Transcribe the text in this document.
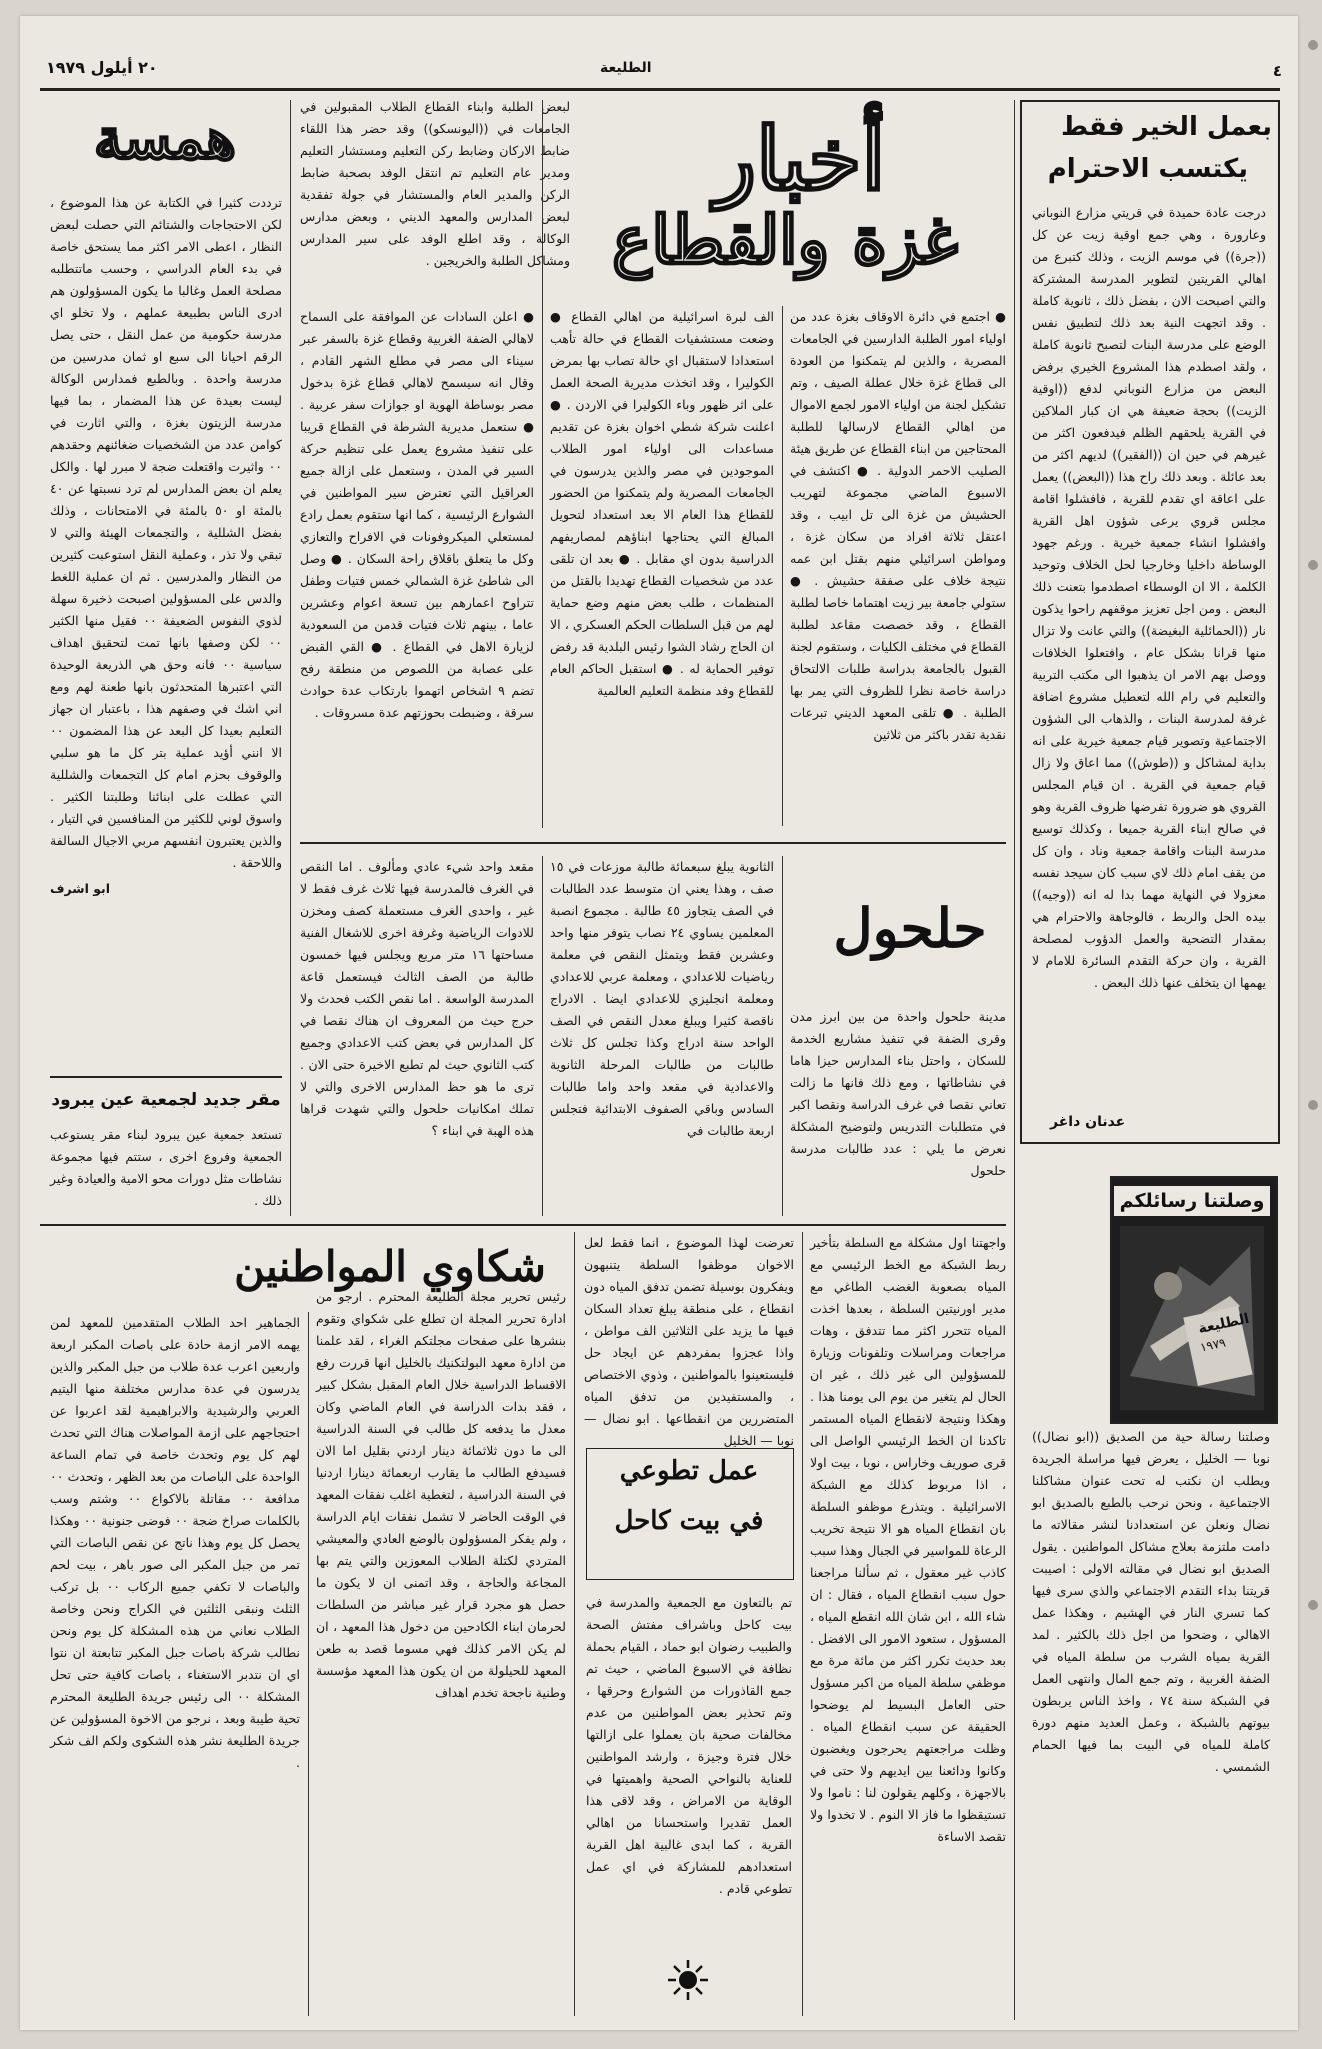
٤
الطليعة
٢٠ أيلول ١٩٧٩
بعمل الخير فقط
يكتسب الاحترام

درجت عادة حميدة في قريتي مزارع النوباني وعارورة ، وهي جمع اوقية زيت عن كل ((جرة)) في موسم الزيت ، وذلك كتبرع من اهالي القريتين لتطوير المدرسة المشتركة والتي اصبحت الان ، بفضل ذلك ، ثانوية كاملة . وقد اتجهت النية بعد ذلك لتطبيق نفس الوضع على مدرسة البنات لتصبح ثانوية كاملة ، ولقد اصطدم هذا المشروع الخيري برفض البعض من مزارع النوباني لدفع ((اوقية الزيت)) بحجة ضعيفة هي ان كبار الملاكين في القرية يلحقهم الظلم فيدفعون اكثر من غيرهم في حين ان ((الفقير)) لديهم اكثر من بعد عائلة . وبعد ذلك راح هذا ((البعض)) يعمل على اعاقة اي تقدم للقرية ، فافشلوا اقامة مجلس قروي يرعى شؤون اهل القرية وافشلوا انشاء جمعية خيرية . ورغم جهود الوساطة داخليا وخارجيا لحل الخلاف وتوحيد الكلمة ، الا ان الوسطاء اصطدموا بتعنت ذلك البعض . ومن اجل تعزيز موقفهم راحوا يذكون نار ((الحمائلية البغيضة)) والتي عانت ولا تزال منها قرانا بشكل عام ، وافتعلوا الخلافات ووصل بهم الامر ان يذهبوا الى مكتب التربية والتعليم في رام الله لتعطيل مشروع اضافة غرفة لمدرسة البنات ، والذهاب الى الشؤون الاجتماعية وتصوير قيام جمعية خيرية على انه بداية لمشاكل و ((طوش)) مما اعاق ولا زال قيام جمعية في القرية . ان قيام المجلس القروي هو ضرورة تفرضها ظروف القرية وهو في صالح ابناء القرية جميعا ، وكذلك توسيع مدرسة البنات واقامة جمعية وناد ، وان كل من يقف امام ذلك لاي سبب كان سيجد نفسه معزولا في النهاية مهما بدا له انه ((وجيه)) بيده الحل والربط ، فالوجاهة والاحترام هي بمقدار التضحية والعمل الدؤوب لمصلحة القرية ، وان حركة التقدم السائرة للامام لا يهمها ان يتخلف عنها ذلك البعض .

عدنان داغر
وصلتنا رسائلكم
الطليعة
١٩٧٩

وصلتنا رسالة حية من الصديق ((ابو نضال)) نوبا — الخليل ، يعرض فيها مراسلة الجريدة ويطلب ان نكتب له تحت عنوان مشاكلنا الاجتماعية ، ونحن نرحب بالطبع بالصديق ابو نضال ونعلن عن استعدادنا لنشر مقالاته ما دامت ملتزمة بعلاج مشاكل المواطنين . يقول الصديق ابو نضال في مقالته الاولى : اصيبت قريتنا بداء التقدم الاجتماعي والذي سرى فيها كما تسري النار في الهشيم ، وهكذا عمل الاهالي ، وضحوا من اجل ذلك بالكثير . لمد القرية بمياه الشرب من سلطة المياه في الضفة الغربية ، وتم جمع المال وانتهى العمل في الشبكة سنة ٧٤ ، واخذ الناس يربطون بيوتهم بالشبكة ، وعمل العديد منهم دورة كاملة للمياه في البيت بما فيها الحمام الشمسي .

أخبار
غزة والقطاع

لبعض الطلبة وابناء القطاع الطلاب المقبولين في الجامعات في ((اليونسكو)) وقد حضر هذا اللقاء ضابط الاركان وضابط ركن التعليم ومستشار التعليم ومدير عام التعليم تم انتقل الوفد بصحبة ضابط الركن والمدير العام والمستشار في جولة تفقدية لبعض المدارس والمعهد الديني ، وبعض مدارس الوكالة ، وقد اطلع الوفد على سير المدارس ومشاكل الطلبة والخريجين .

● اجتمع في دائرة الاوقاف بغزة عدد من اولياء امور الطلبة الدارسين في الجامعات المصرية ، والذين لم يتمكنوا من العودة الى قطاع غزة خلال عطلة الصيف ، وتم تشكيل لجنة من اولياء الامور لجمع الاموال من اهالي القطاع لارسالها للطلبة المحتاجين من ابناء القطاع عن طريق هيئة الصليب الاحمر الدولية . ● اكتشف في الاسبوع الماضي مجموعة لتهريب الحشيش من غزة الى تل ابيب ، وقد اعتقل ثلاثة افراد من سكان غزة ، ومواطن اسرائيلي منهم بقتل ابن عمه نتيجة خلاف على صفقة حشيش . ● ستولي جامعة بير زيت اهتماما خاصا لطلبة القطاع ، وقد خصصت مقاعد لطلبة القطاع في مختلف الكليات ، وستقوم لجنة القبول بالجامعة بدراسة طلبات الالتحاق دراسة خاصة نظرا للظروف التي يمر بها الطلبة . ● تلقى المعهد الديني تبرعات نقدية تقدر باكثر من ثلاثين

الف لبرة اسرائيلية من اهالي القطاع ● وضعت مستشفيات القطاع في حالة تأهب استعدادا لاستقبال اي حالة تصاب بها بمرض الكوليرا ، وقد اتخذت مديرية الصحة العمل على اثر ظهور وباء الكوليرا في الاردن . ● اعلنت شركة شطي اخوان بغزة عن تقديم مساعدات الى اولياء امور الطلاب الموجودين في مصر والذين يدرسون في الجامعات المصرية ولم يتمكنوا من الحضور للقطاع هذا العام الا بعد استعداد لتحويل المبالغ التي يحتاجها ابناؤهم لمصاريفهم الدراسية بدون اي مقابل . ● بعد ان تلقى عدد من شخصيات القطاع تهديدا بالقتل من المنظمات ، طلب بعض منهم وضع حماية لهم من قبل السلطات الحكم العسكري ، الا ان الحاج رشاد الشوا رئيس البلدية قد رفض توفير الحماية له . ● استقبل الحاكم العام للقطاع وفد منظمة التعليم العالمية

● اعلن السادات عن الموافقة على السماح لاهالي الضفة الغربية وقطاع غزة بالسفر عبر سيناء الى مصر في مطلع الشهر القادم ، وقال انه سيسمح لاهالي قطاع غزة بدخول مصر بوساطة الهوية او جوازات سفر عربية . ● ستعمل مديرية الشرطة في القطاع قريبا على تنفيذ مشروع يعمل على تنظيم حركة السير في المدن ، وستعمل على ازالة جميع العراقيل التي تعترض سير المواطنين في الشوارع الرئيسية ، كما انها ستقوم بعمل رادع لمستعلي الميكروفونات في الافراح والتعازي وكل ما يتعلق باقلاق راحة السكان . ● وصل الى شاطئ غزة الشمالي خمس فتيات وطفل تتراوح اعمارهم بين تسعة اعوام وعشرين عاما ، بينهم ثلاث فتيات قدمن من السعودية لزيارة الاهل في القطاع . ● القي القبض على عصابة من اللصوص من منطقة رفح تضم ٩ اشخاص اتهموا بارتكاب عدة حوادث سرقة ، وضبطت بحوزتهم عدة مسروقات .

حلحول

مدينة حلحول واحدة من بين ابرز مدن وقرى الضفة في تنفيذ مشاريع الخدمة للسكان ، واحتل بناء المدارس حيزا هاما في نشاطاتها ، ومع ذلك فانها ما زالت تعاني نقصا في غرف الدراسة ونقصا اكبر في متطلبات التدريس ولتوضيح المشكلة نعرض ما يلي : عدد طالبات مدرسة حلحول

الثانوية يبلغ سبعمائة طالبة موزعات في ١٥ صف ، وهذا يعني ان متوسط عدد الطالبات في الصف يتجاوز ٤٥ طالبة . مجموع انصبة المعلمين يساوي ٢٤ نصاب يتوفر منها واحد وعشرين فقط ويتمثل النقص في معلمة رياضيات للاعدادي ، ومعلمة عربي للاعدادي ومعلمة انجليزي للاعدادي ايضا . الادراج ناقصة كثيرا ويبلغ معدل النقص في الصف الواحد سنة ادراج وكذا تجلس كل ثلاث طالبات من طالبات المرحلة الثانوية والاعدادية في مقعد واحد واما طالبات السادس وباقي الصفوف الابتدائية فتجلس اربعة طالبات في

مقعد واحد شيء عادي ومألوف . اما النقص في الغرف فالمدرسة فيها ثلاث غرف فقط لا غير ، واحدى الغرف مستعملة كصف ومخزن للادوات الرياضية وغرفة اخرى للاشغال الفنية مساحتها ١٦ متر مربع ويجلس فيها خمسون طالبة من الصف الثالث فيستعمل قاعة المدرسة الواسعة . اما نقص الكتب فحدث ولا حرج حيث من المعروف ان هناك نقصا في كل المدارس في بعض كتب الاعدادي وجميع كتب الثانوي حيث لم تطبع الاخيرة حتى الان . ترى ما هو حظ المدارس الاخرى والتي لا تملك امكانيات حلحول والتي شهدت قراها هذه الهبة في ابناء ؟

همسة

ترددت كثيرا في الكتابة عن هذا الموضوع ، لكن الاحتجاجات والشتائم التي حصلت لبعض النظار ، اعطى الامر اكثر مما يستحق خاصة في بدء العام الدراسي ، وحسب ماتتطلبه مصلحة العمل وغالبا ما يكون المسؤولون هم ادرى الناس بطبيعة عملهم ، ولا تخلو اي مدرسة حكومية من عمل النقل ، حتى يصل الرقم احيانا الى سبع او ثمان مدرسين من مدرسة واحدة . وبالطبع فمدارس الوكالة ليست بعيدة عن هذا المضمار ، بما فيها مدرسة الزيتون بغزة ، والتي اثارت في كوامن عدد من الشخصيات ضغائنهم وحقدهم ٠٠ واثيرت واقتعلت ضجة لا مبرر لها . والكل يعلم ان بعض المدارس لم ترد نسبتها عن ٤٠ بالمئة او ٥٠ بالمئة في الامتحانات ، وذلك بفضل الشللية ، والتجمعات الهيئة والتي لا تبقي ولا تذر ، وعملية النقل استوعبت كثيرين من النظار والمدرسين . ثم ان عملية اللغط والدس على المسؤولين اصبحت ذخيرة سهلة لذوي النفوس الضعيفة ٠٠ فقيل منها الكثير ٠٠ لكن وصفها بانها تمت لتحقيق اهداف سياسية ٠٠ فانه وحق هي الذريعة الوحيدة التي اعتبرها المتحدثون بانها طعنة لهم ومع اني اشك في وصفهم هذا ، باعتبار ان جهاز التعليم بعيدا كل البعد عن هذا المضمون ٠٠ الا انني أؤيد عملية بتر كل ما هو سلبي والوقوف بحزم امام كل التجمعات والشللية التي عطلت على ابنائنا وطلبتنا الكثير . واسوق لوني للكثير من المنافسين في التيار ، والذين يعتبرون انفسهم مربي الاجيال السالفة واللاحقة .

ابو اشرف

مقر جديد لجمعية عين يبرود

تستعد جمعية عين يبرود لبناء مقر يستوعب الجمعية وفروع اخرى ، ستتم فيها مجموعة نشاطات مثل دورات محو الامية والعيادة وغير ذلك .

شكاوي المواطنين

الجماهير احد الطلاب المتقدمين للمعهد لمن يهمه الامر ازمة حادة على باصات المكبر اربعة واربعين اعرب عدة طلاب من جبل المكبر والذين يدرسون في عدة مدارس مختلفة منها اليتيم العربي والرشيدية والابراهيمية لقد اعربوا عن احتجاجهم على ازمة المواصلات هناك التي تحدث لهم كل يوم وتحدث خاصة في تمام الساعة الواحدة على الباصات من بعد الظهر ، وتحدث ٠٠ مدافعة ٠٠ مقاتلة بالاكواع ٠٠ وشتم وسب بالكلمات صراخ ضجة ٠٠ فوضى جنونية ٠٠ وهكذا يحصل كل يوم وهذا ناتج عن نقص الباصات التي تمر من جبل المكبر الى صور باهر ، بيت لحم والباصات لا تكفي جميع الركاب ٠٠ بل تركب الثلث ونبقى الثلثين في الكراج ونحن وخاصة الطلاب نعاني من هذه المشكلة كل يوم ونحن نطالب شركة باصات جبل المكبر تتابعتة ان نتوا اي ان نتدبر الاستغناء ، باصات كافية حتى تحل المشكلة ٠٠ الى رئيس جريدة الطليعة المحترم تحية طيبة وبعد ، نرجو من الاخوة المسؤولين عن جريدة الطليعة نشر هذه الشكوى ولكم الف شكر .

رئيس تحرير مجلة الطليعة المحترم . ارجو من ادارة تحرير المجلة ان تطلع على شكواي وتقوم بنشرها على صفحات مجلتكم الغراء ، لقد علمنا من ادارة معهد البولتكنيك بالخليل انها قررت رفع الاقساط الدراسية خلال العام المقبل بشكل كبير ، فقد بدات الدراسة في العام الماضي وكان معدل ما يدفعه كل طالب في السنة الدراسية الى ما دون ثلاثمائة دينار اردني بقليل اما الان فسيدفع الطالب ما يقارب اربعمائة دينارا اردنيا في السنة الدراسية ، لتغطية اغلب نفقات المعهد في الوقت الحاضر لا تشمل نفقات ايام الدراسة ، ولم يفكر المسؤولون بالوضع العادي والمعيشي المتردي لكتلة الطلاب المعوزين والتي يتم بها المجاعة والحاجة ، وقد اتمنى ان لا يكون ما حصل هو مجرد قرار غير مباشر من السلطات لحرمان ابناء الكادحين من دخول هذا المعهد ، ان لم يكن الامر كذلك فهي مسوما قصد به طعن المعهد للحيلولة من ان يكون هذا المعهد مؤسسة وطنية ناجحة تخدم اهداف

تعرضت لهذا الموضوع ، انما فقط لعل الاخوان موظفوا السلطة يتنبهون ويفكرون بوسيلة تضمن تدفق المياه دون انقطاع ، على منطقة يبلغ تعداد السكان فيها ما يزيد على الثلاثين الف مواطن ، واذا عجزوا بمفردهم عن ايجاد حل فليستعينوا بالمواطنين ، وذوي الاختصاص ، والمستفيدين من تدفق المياه المتضررين من انقطاعها . ابو نضال — نوبا — الخليل

واجهتنا اول مشكلة مع السلطة بتأخير ربط الشبكة مع الخط الرئيسي مع المياه بصعوبة الغضب الطاغي مع مدير اورنيتين السلطة ، بعدها اخذت المياه تتحرر اكثر مما تتدفق ، وهات مراجعات ومراسلات وتلفونات وزيارة للمسؤولين الى غير ذلك ، غير ان الحال لم يتغير من يوم الى يومنا هذا . وهكذا ونتيجة لانقطاع المياه المستمر تاكدنا ان الخط الرئيسي الواصل الى قرى صوريف وخاراس ، نوبا ، بيت اولا ، اذا مربوط كذلك مع الشبكة الاسرائيلية . ويتذرع موظفو السلطة بان انقطاع المياه هو الا نتيجة تخريب الرعاة للمواسير في الجبال وهذا سبب كاذب غير معقول ، ثم سألنا مراجعنا حول سبب انقطاع المياه ، فقال : ان شاء الله ، ابن شان الله انقطع المياه ، المسؤول ، ستعود الامور الى الافضل . بعد حديث تكرر اكثر من مائة مرة مع موظفي سلطة المياه من اكبر مسؤول حتى العامل البسيط لم يوضحوا الحقيقة عن سبب انقطاع المياه . وظلت مراجعتهم يحرجون ويغضبون وكانوا ودائعنا بين ايديهم ولا حتى في بالاجهزة ، وكلهم يقولون لنا : ناموا ولا تستيقظوا ما فاز الا النوم . لا تخدوا ولا تقصد الاساءة

عمل تطوعي
في بيت كاحل

تم بالتعاون مع الجمعية والمدرسة في بيت كاحل وباشراف مفتش الصحة والطبيب رضوان ابو حماد ، القيام بحملة نظافة في الاسبوع الماضي ، حيث تم جمع القاذورات من الشوارع وحرقها ، وتم تحذير بعض المواطنين من عدم مخالفات صحية بان يعملوا على ازالتها خلال فترة وجيزة ، وارشد المواطنين للعناية بالنواحي الصحية واهميتها في الوقاية من الامراض ، وقد لاقى هذا العمل تقديرا واستحسانا من اهالي القرية ، كما ابدى غالبية اهل القرية استعدادهم للمشاركة في اي عمل تطوعي قادم .
